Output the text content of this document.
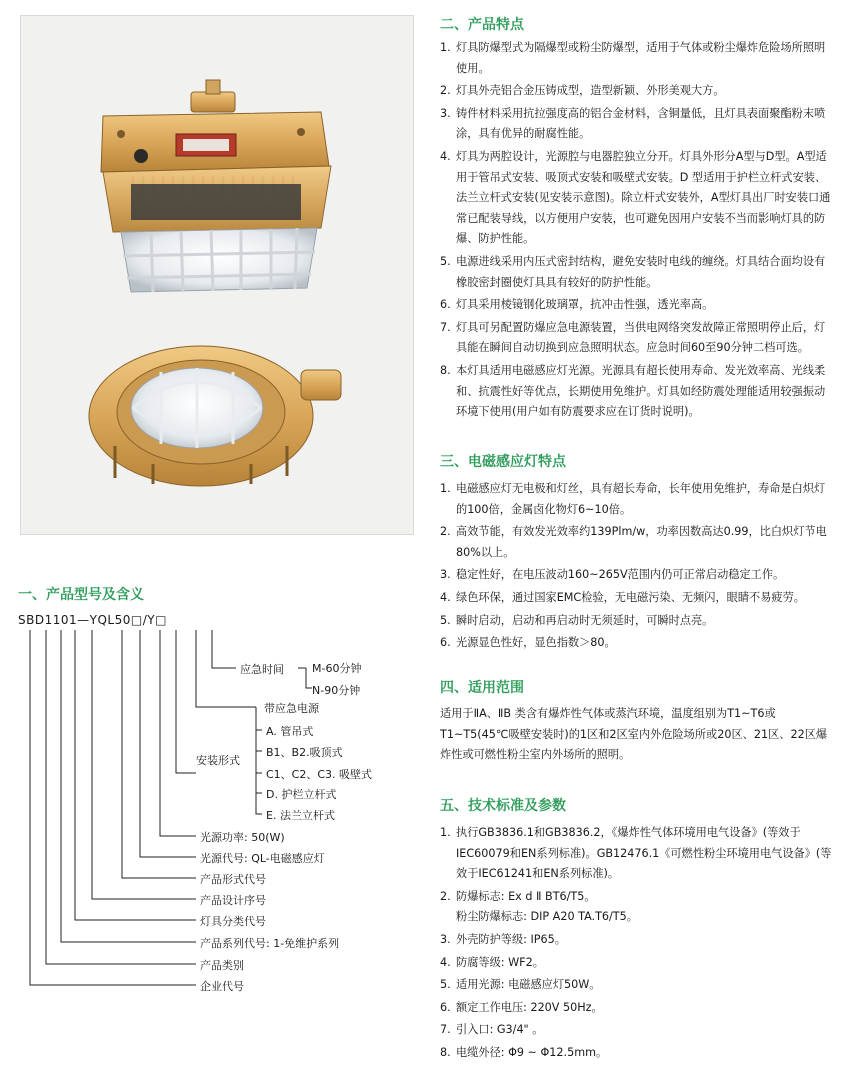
一、产品型号及含义
SBD1101—YQL50□/Y□
应急时间	M-60分钟
N-90分钟
带应急电源
安装形式
A. 管吊式
B1、B2.吸顶式
C1、C2、C3. 吸壁式
D. 护栏立杆式
E. 法兰立杆式
光源功率: 50(W)
光源代号: QL-电磁感应灯
产品形式代号
产品设计序号
灯具分类代号
产品系列代号: 1-免维护系列
产品类别
企业代号
二、产品特点
1. 灯具防爆型式为隔爆型或粉尘防爆型，适用于气体或粉尘爆炸危险场所照明使用。
2. 灯具外壳铝合金压铸成型，造型新颖、外形美观大方。
3. 铸件材料采用抗拉强度高的铝合金材料，含铜量低，且灯具表面聚酯粉末喷涂，具有优异的耐腐性能。
4. 灯具为两腔设计，光源腔与电器腔独立分开。灯具外形分A型与D型。A型适用于管吊式安装、吸顶式安装和吸壁式安装。D 型适用于护栏立杆式安装、法兰立杆式安装(见安装示意图)。除立杆式安装外，A型灯具出厂时安装口通常已配装导线，以方便用户安装，也可避免因用户安装不当而影响灯具的防爆、防护性能。
5. 电源进线采用内压式密封结构，避免安装时电线的缠绕。灯具结合面均设有橡胶密封圈使灯具具有较好的防护性能。
6. 灯具采用棱镜钢化玻璃罩，抗冲击性强，透光率高。
7. 灯具可另配置防爆应急电源装置，当供电网络突发故障正常照明停止后，灯具能在瞬间自动切换到应急照明状态。应急时间60至90分钟二档可选。
8. 本灯具适用电磁感应灯光源。光源具有超长使用寿命、发光效率高、光线柔和、抗震性好等优点，长期使用免维护。灯具如经防震处理能适用较强振动环境下使用(用户如有防震要求应在订货时说明)。
三、电磁感应灯特点
1. 电磁感应灯无电极和灯丝，具有超长寿命，长年使用免维护，寿命是白炽灯的100倍，金属卤化物灯6~10倍。
2. 高效节能，有效发光效率约139Plm/w，功率因数高达0.99，比白炽灯节电80%以上。
3. 稳定性好，在电压波动160~265V范围内仍可正常启动稳定工作。
4. 绿色环保，通过国家EMC检验，无电磁污染、无频闪，眼睛不易疲劳。
5. 瞬时启动，启动和再启动时无须延时，可瞬时点亮。
6. 光源显色性好，显色指数＞80。
四、适用范围
适用于ⅡA、ⅡB 类含有爆炸性气体或蒸汽环境，温度组别为T1~T6或T1~T5(45℃吸壁安装时)的1区和2区室内外危险场所或20区、21区、22区爆炸性或可燃性粉尘室内外场所的照明。
五、技术标准及参数
1. 执行GB3836.1和GB3836.2，《爆炸性气体环境用电气设备》(等效于IEC60079和EN系列标准)。GB12476.1《可燃性粉尘环境用电气设备》(等效于IEC61241和EN系列标准)。
2. 防爆标志: Ex d Ⅱ BT6/T5。
粉尘防爆标志: DIP A20 TA.T6/T5。
3. 外壳防护等级: IP65。
4. 防腐等级: WF2。
5. 适用光源: 电磁感应灯50W。
6. 额定工作电压: 220V 50Hz。
7. 引入口: G3/4" 。
8. 电缆外径: Φ9 ~ Φ12.5mm。
